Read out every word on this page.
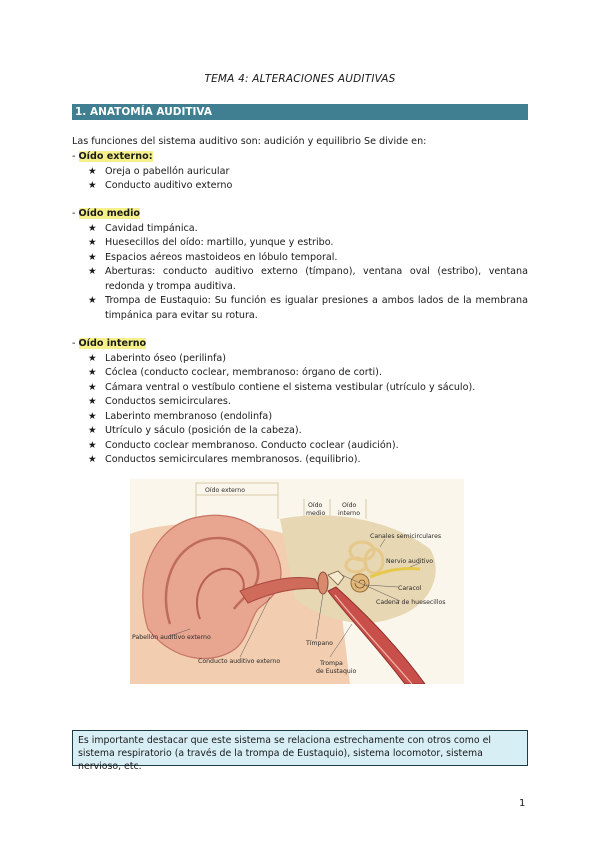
TEMA 4: ALTERACIONES AUDITIVAS
1. ANATOMÍA AUDITIVA
Las funciones del sistema auditivo son: audición y equilibrio Se divide en:
- Oído externo:
★ Oreja o pabellón auricular
★ Conducto auditivo externo
- Oído medio
★ Cavidad timpánica.
★ Huesecillos del oído: martillo, yunque y estribo.
★ Espacios aéreos mastoideos en lóbulo temporal.
★ Aberturas: conducto auditivo externo (tímpano), ventana oval (estribo), ventana redonda y trompa auditiva.
★ Trompa de Eustaquio: Su función es igualar presiones a ambos lados de la membrana timpánica para evitar su rotura.
- Oído interno
★ Laberinto óseo (perilinfa)
★ Cóclea (conducto coclear, membranoso: órgano de corti).
★ Cámara ventral o vestíbulo contiene el sistema vestibular (utrículo y sáculo).
★ Conductos semicirculares.
★ Laberinto membranoso (endolinfa)
★ Utrículo y sáculo (posición de la cabeza).
★ Conducto coclear membranoso. Conducto coclear (audición).
★ Conductos semicirculares membranosos. (equilibrio).
Oído externo
Oído
medio
Oído
interno
Canales semicirculares
Nervio auditivo
Caracol
Cadena de huesecillos
Pabellón auditivo externo
Tímpano
Conducto auditivo externo	Trompa
de Eustaquio
Es importante destacar que este sistema se relaciona estrechamente con otros como el sistema respiratorio (a través de la trompa de Eustaquio), sistema locomotor, sistema nervioso, etc.
1
